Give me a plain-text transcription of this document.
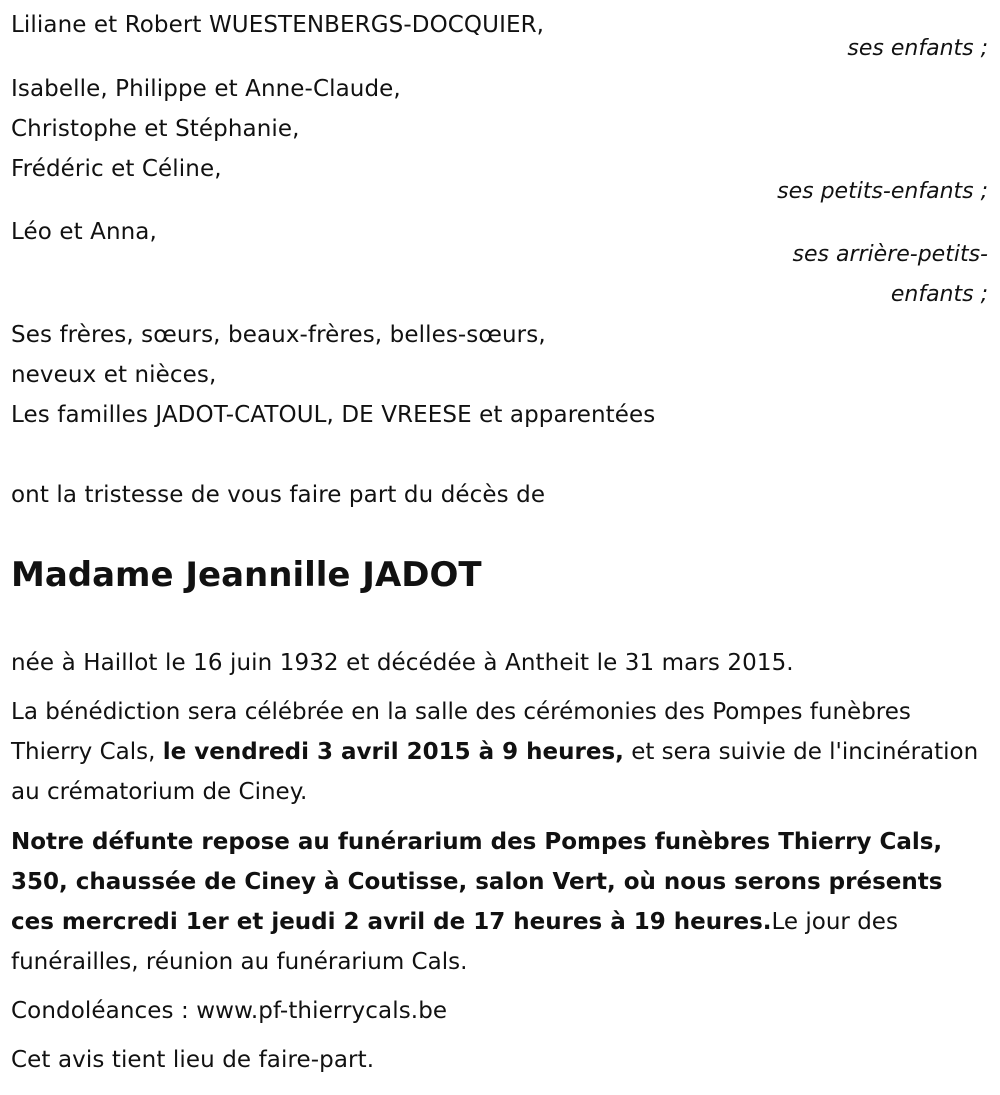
Liliane et Robert WUESTENBERGS-DOCQUIER,
ses enfants ;
Isabelle, Philippe et Anne-Claude,
Christophe et Stéphanie,
Frédéric et Céline,
ses petits-enfants ;
Léo et Anna,
ses arrière-petits-
enfants ;
Ses frères, sœurs, beaux-frères, belles-sœurs,
neveux et nièces,
Les familles JADOT-CATOUL, DE VREESE et apparentées
ont la tristesse de vous faire part du décès de
Madame Jeannille JADOT
née à Haillot le 16 juin 1932 et décédée à Antheit le 31 mars 2015.
La bénédiction sera célébrée en la salle des cérémonies des Pompes funèbres Thierry Cals, le vendredi 3 avril 2015 à 9 heures, et sera suivie de l'incinération au crématorium de Ciney.
Notre défunte repose au funérarium des Pompes funèbres Thierry Cals, 350, chaussée de Ciney à Coutisse, salon Vert, où nous serons présents ces mercredi 1er et jeudi 2 avril de 17 heures à 19 heures.Le jour des funérailles, réunion au funérarium Cals.
Condoléances : www.pf-thierrycals.be
Cet avis tient lieu de faire-part.
